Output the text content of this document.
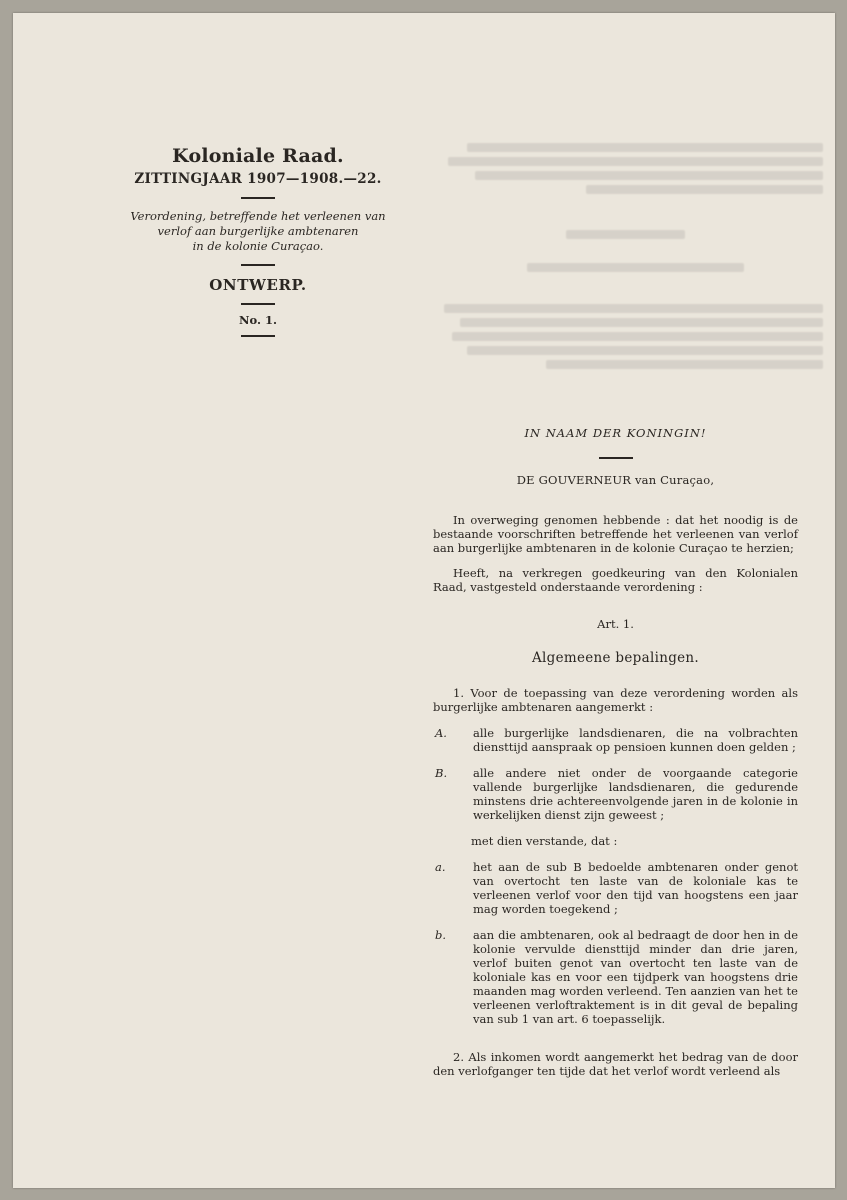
Koloniale Raad.
ZITTINGJAAR 1907—1908.—22.
Verordening, betreffende het verleenen van
verlof aan burgerlijke ambtenaren
in de kolonie Curaçao.
ONTWERP.
No. 1.
IN NAAM DER KONINGIN!
DE GOUVERNEUR van Curaçao,

In overweging genomen hebbende : dat het noodig is de bestaande voorschriften betreffende het verleenen van verlof aan burgerlijke ambtenaren in de kolonie Curaçao te herzien;

Heeft, na verkregen goedkeuring van den Kolonialen Raad, vastgesteld onderstaande verordening :

Art. 1.
Algemeene bepalingen.

1. Voor de toepassing van deze verordening worden als burgerlijke ambtenaren aangemerkt :

A.	alle burgerlijke landsdienaren, die na volbrachten diensttijd aanspraak op pensioen kunnen doen gelden ;
B.	alle andere niet onder de voorgaande categorie vallende burgerlijke landsdienaren, die gedurende minstens drie achtereenvolgende jaren in de kolonie in werkelijken dienst zijn geweest ;
met dien verstande, dat :
a.	het aan de sub B bedoelde ambtenaren onder genot van overtocht ten laste van de koloniale kas te verleenen verlof voor den tijd van hoogstens een jaar mag worden toegekend ;
b.	aan die ambtenaren, ook al bedraagt de door hen in de kolonie vervulde diensttijd minder dan drie jaren, verlof buiten genot van overtocht ten laste van de koloniale kas en voor een tijdperk van hoogstens drie maanden mag worden verleend. Ten aanzien van het te verleenen verloftraktement is in dit geval de bepaling van sub 1 van art. 6 toepasselijk.

2. Als inkomen wordt aangemerkt het bedrag van de door den verlofganger ten tijde dat het verlof wordt verleend als
